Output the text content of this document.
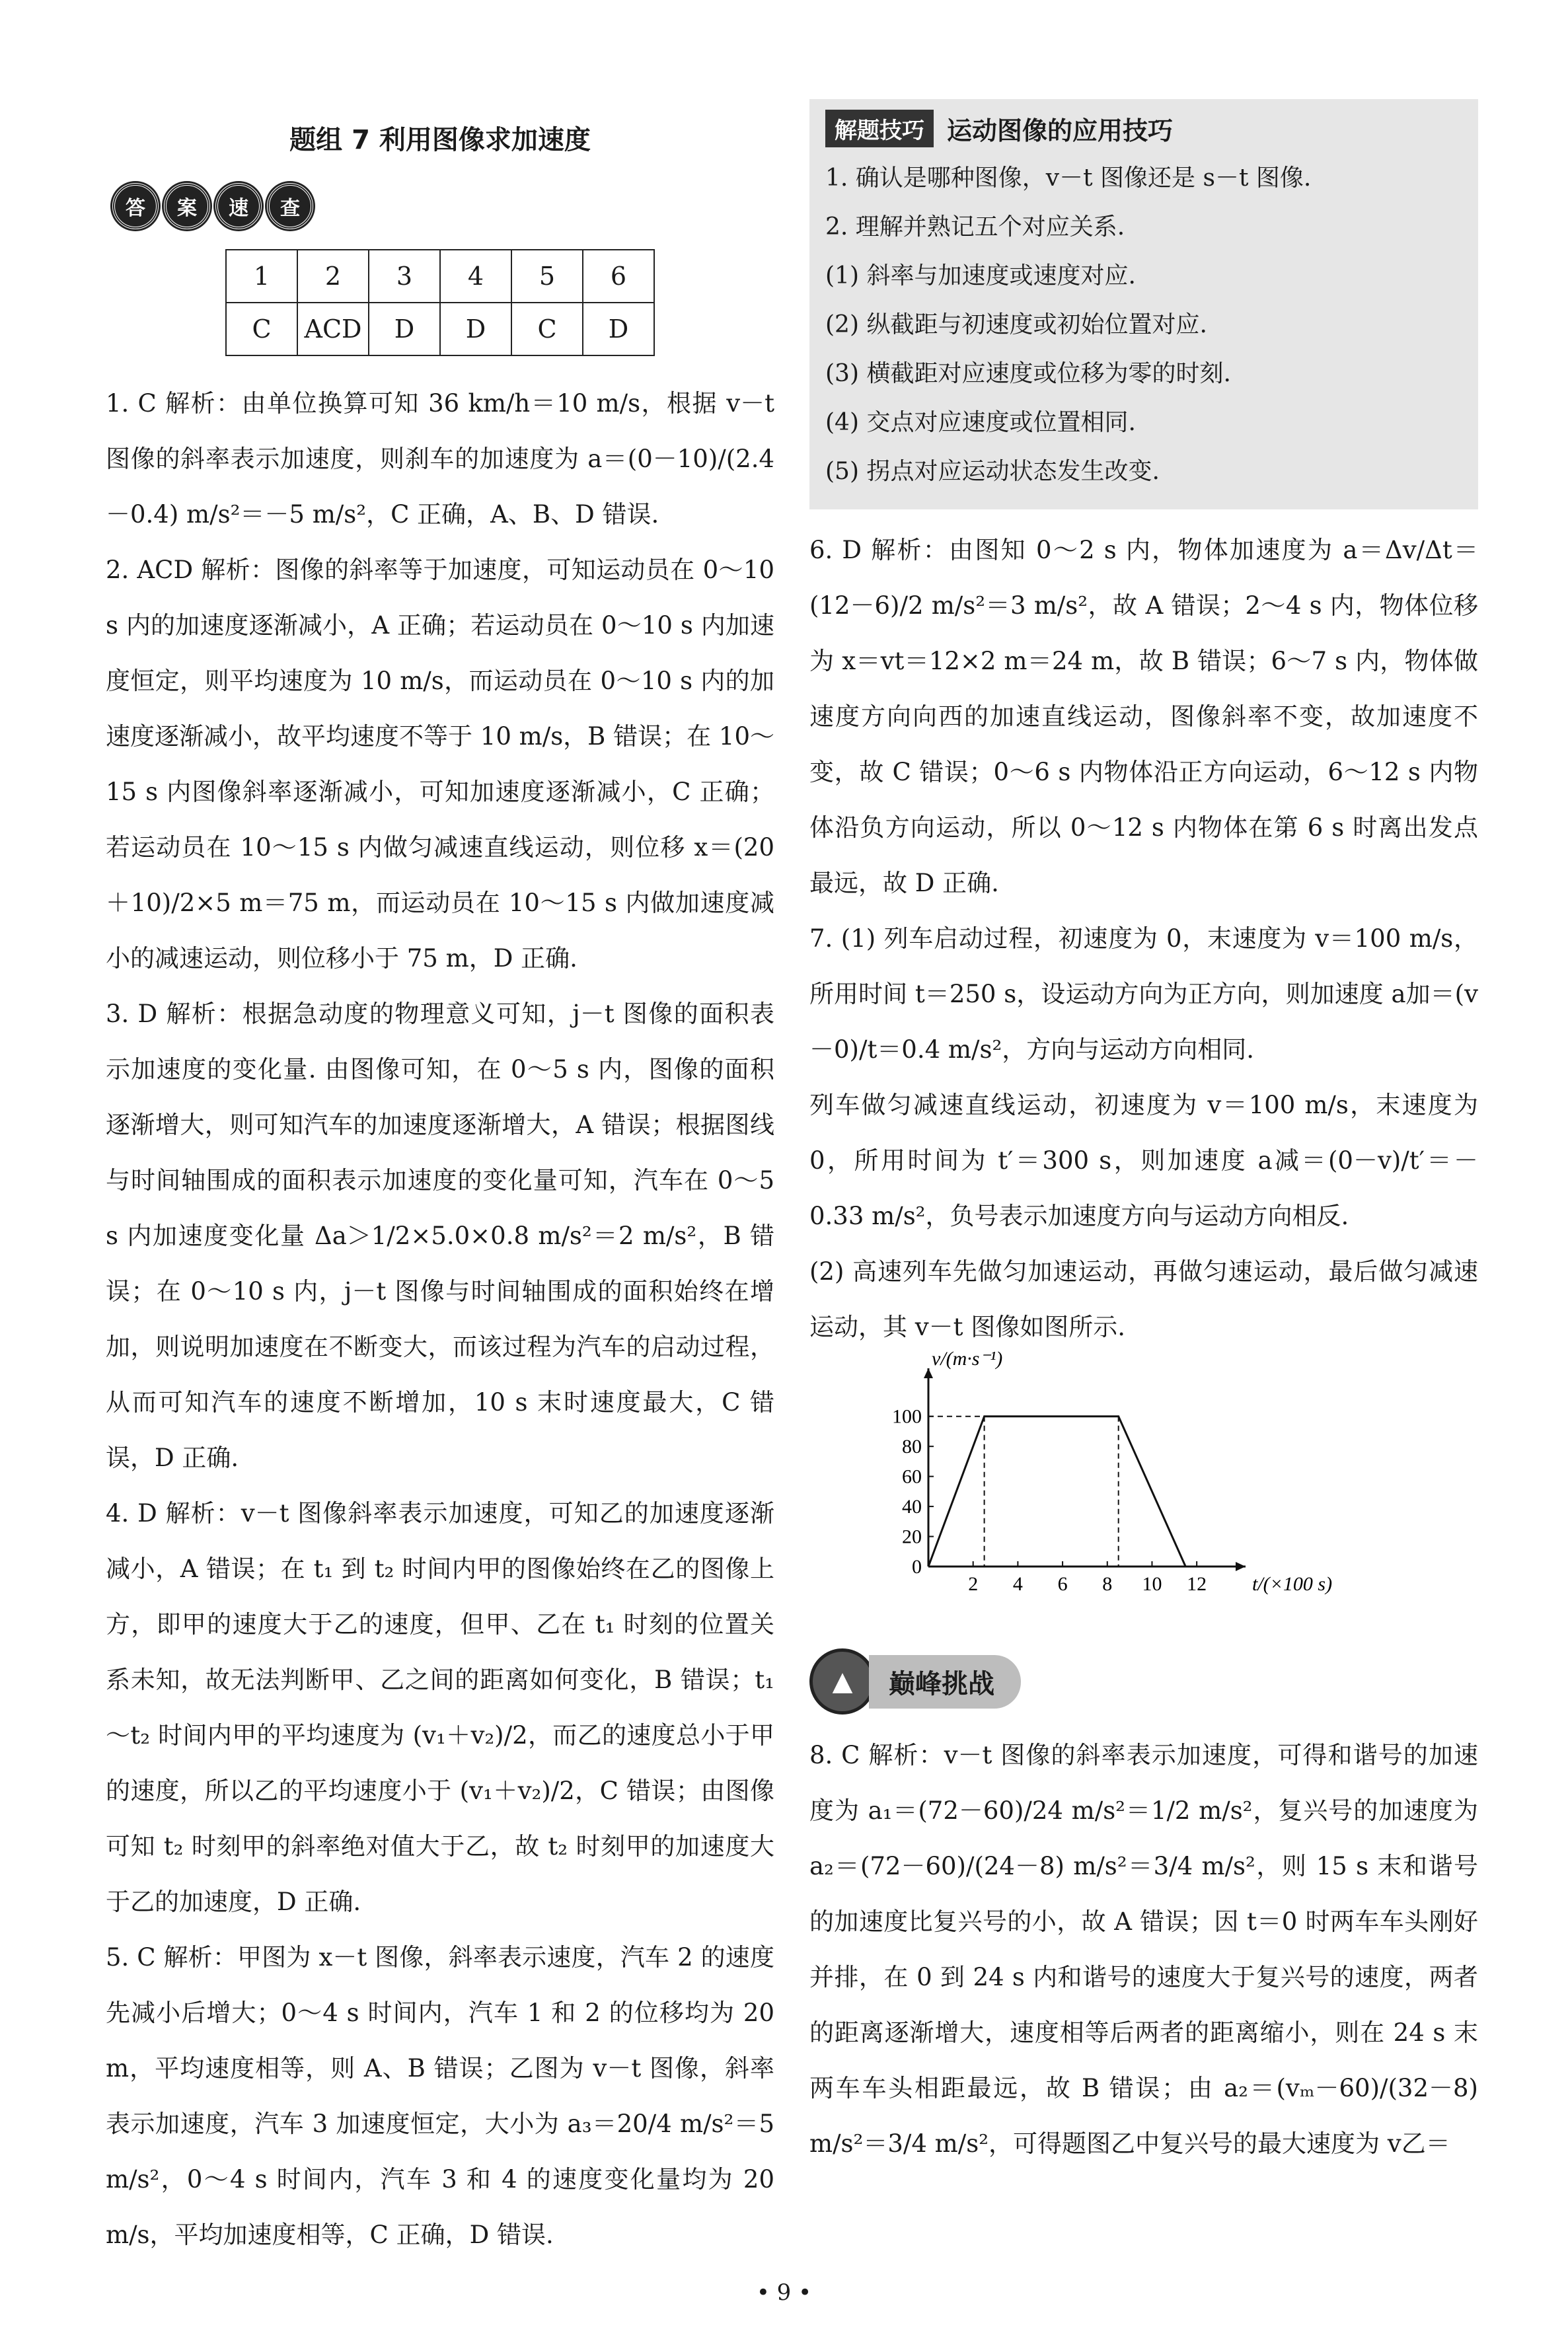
题组 7 利用图像求加速度
答	案	速	查
1	2	3	4	5	6
C	ACD	D	D	C	D

1. C 解析：由单位换算可知 36 km/h＝10 m/s，根据 v－t 图像的斜率表示加速度，则刹车的加速度为 a＝(0－10)/(2.4－0.4) m/s²＝－5 m/s²，C 正确，A、B、D 错误.

2. ACD 解析：图像的斜率等于加速度，可知运动员在 0～10 s 内的加速度逐渐减小，A 正确；若运动员在 0～10 s 内加速度恒定，则平均速度为 10 m/s，而运动员在 0～10 s 内的加速度逐渐减小，故平均速度不等于 10 m/s，B 错误；在 10～15 s 内图像斜率逐渐减小，可知加速度逐渐减小，C 正确；若运动员在 10～15 s 内做匀减速直线运动，则位移 x＝(20＋10)/2×5 m＝75 m，而运动员在 10～15 s 内做加速度减小的减速运动，则位移小于 75 m，D 正确.

3. D 解析：根据急动度的物理意义可知，j－t 图像的面积表示加速度的变化量. 由图像可知，在 0～5 s 内，图像的面积逐渐增大，则可知汽车的加速度逐渐增大，A 错误；根据图线与时间轴围成的面积表示加速度的变化量可知，汽车在 0～5 s 内加速度变化量 Δa＞1/2×5.0×0.8 m/s²＝2 m/s²，B 错误；在 0～10 s 内，j－t 图像与时间轴围成的面积始终在增加，则说明加速度在不断变大，而该过程为汽车的启动过程，从而可知汽车的速度不断增加，10 s 末时速度最大，C 错误，D 正确.

4. D 解析：v－t 图像斜率表示加速度，可知乙的加速度逐渐减小，A 错误；在 t₁ 到 t₂ 时间内甲的图像始终在乙的图像上方，即甲的速度大于乙的速度，但甲、乙在 t₁ 时刻的位置关系未知，故无法判断甲、乙之间的距离如何变化，B 错误；t₁～t₂ 时间内甲的平均速度为 (v₁＋v₂)/2，而乙的速度总小于甲的速度，所以乙的平均速度小于 (v₁＋v₂)/2，C 错误；由图像可知 t₂ 时刻甲的斜率绝对值大于乙，故 t₂ 时刻甲的加速度大于乙的加速度，D 正确.

5. C 解析：甲图为 x－t 图像，斜率表示速度，汽车 2 的速度先减小后增大；0～4 s 时间内，汽车 1 和 2 的位移均为 20 m，平均速度相等，则 A、B 错误；乙图为 v－t 图像，斜率表示加速度，汽车 3 加速度恒定，大小为 a₃＝20/4 m/s²＝5 m/s²，0～4 s 时间内，汽车 3 和 4 的速度变化量均为 20 m/s，平均加速度相等，C 正确，D 错误.

解题技巧 运动图像的应用技巧
1. 确认是哪种图像，v－t 图像还是 s－t 图像.
2. 理解并熟记五个对应关系.
(1) 斜率与加速度或速度对应.
(2) 纵截距与初速度或初始位置对应.
(3) 横截距对应速度或位移为零的时刻.
(4) 交点对应速度或位置相同.
(5) 拐点对应运动状态发生改变.

6. D 解析：由图知 0～2 s 内，物体加速度为 a＝Δv/Δt＝(12－6)/2 m/s²＝3 m/s²，故 A 错误；2～4 s 内，物体位移为 x＝vt＝12×2 m＝24 m，故 B 错误；6～7 s 内，物体做速度方向向西的加速直线运动，图像斜率不变，故加速度不变，故 C 错误；0～6 s 内物体沿正方向运动，6～12 s 内物体沿负方向运动，所以 0～12 s 内物体在第 6 s 时离出发点最远，故 D 正确.

7. (1) 列车启动过程，初速度为 0，末速度为 v＝100 m/s，所用时间 t＝250 s，设运动方向为正方向，则加速度 a加＝(v－0)/t＝0.4 m/s²，方向与运动方向相同.

列车做匀减速直线运动，初速度为 v＝100 m/s，末速度为 0，所用时间为 t′＝300 s，则加速度 a减＝(0－v)/t′＝－0.33 m/s²，负号表示加速度方向与运动方向相反.

(2) 高速列车先做匀加速运动，再做匀速运动，最后做匀减速运动，其 v－t 图像如图所示.

2 4 6 8 10 12
20
40
60
80
100
0
v/(m·s⁻¹)
t/(×100 s)
▲	巅峰挑战

8. C 解析：v－t 图像的斜率表示加速度，可得和谐号的加速度为 a₁＝(72－60)/24 m/s²＝1/2 m/s²，复兴号的加速度为 a₂＝(72－60)/(24－8) m/s²＝3/4 m/s²，则 15 s 末和谐号的加速度比复兴号的小，故 A 错误；因 t＝0 时两车车头刚好并排，在 0 到 24 s 内和谐号的速度大于复兴号的速度，两者的距离逐渐增大，速度相等后两者的距离缩小，则在 24 s 末两车车头相距最远，故 B 错误；由 a₂＝(vₘ－60)/(32－8) m/s²＝3/4 m/s²，可得题图乙中复兴号的最大速度为 v乙＝

• 9 •
